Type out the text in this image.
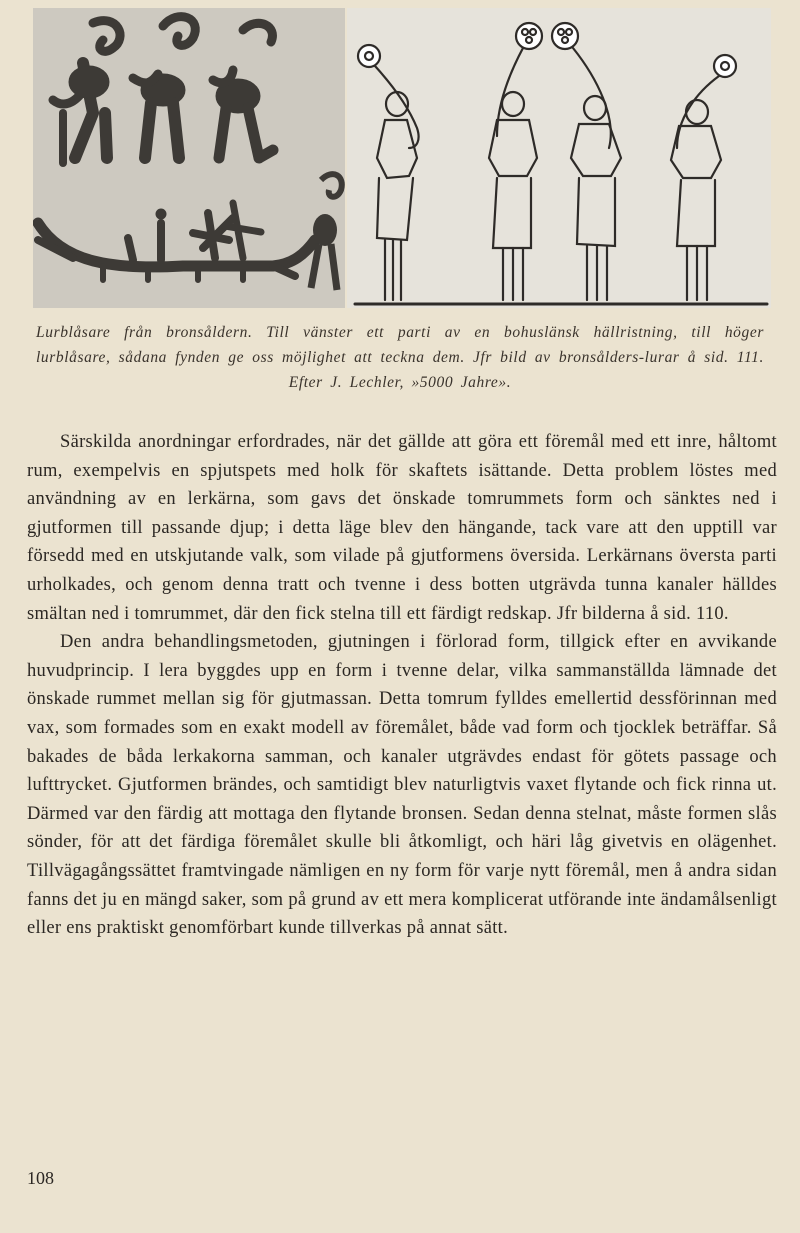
Lurblåsare från bronsåldern. Till vänster ett parti av en bohuslänsk hällristning, till höger lurblåsare, sådana fynden ge oss möjlighet att teckna dem. Jfr bild av bronsålders-lurar å sid. 111. Efter J. Lechler, »5000 Jahre».

Särskilda anordningar erfordrades, när det gällde att göra ett föremål med ett inre, håltomt rum, exempelvis en spjutspets med holk för skaftets isättande. Detta problem löstes med användning av en lerkärna, som gavs det önskade tomrummets form och sänktes ned i gjutformen till passande djup; i detta läge blev den hängande, tack vare att den upptill var försedd med en utskjutande valk, som vilade på gjutformens översida. Lerkärnans översta parti urholkades, och genom denna tratt och tvenne i dess botten utgrävda tunna kanaler hälldes smältan ned i tomrummet, där den fick stelna till ett färdigt redskap. Jfr bilderna å sid. 110.

Den andra behandlingsmetoden, gjutningen i förlorad form, tillgick efter en avvikande huvudprincip. I lera byggdes upp en form i tvenne delar, vilka sammanställda lämnade det önskade rummet mellan sig för gjutmassan. Detta tomrum fylldes emellertid dessförinnan med vax, som formades som en exakt modell av föremålet, både vad form och tjocklek beträffar. Så bakades de båda lerkakorna samman, och kanaler utgrävdes endast för götets passage och lufttrycket. Gjutformen brändes, och samtidigt blev naturligtvis vaxet flytande och fick rinna ut. Därmed var den färdig att mottaga den flytande bronsen. Sedan denna stelnat, måste formen slås sönder, för att det färdiga föremålet skulle bli åtkomligt, och häri låg givetvis en olägenhet. Tillvägagångssättet framtvingade nämligen en ny form för varje nytt föremål, men å andra sidan fanns det ju en mängd saker, som på grund av ett mera komplicerat utförande inte ändamålsenligt eller ens praktiskt genomförbart kunde tillverkas på annat sätt.

108
